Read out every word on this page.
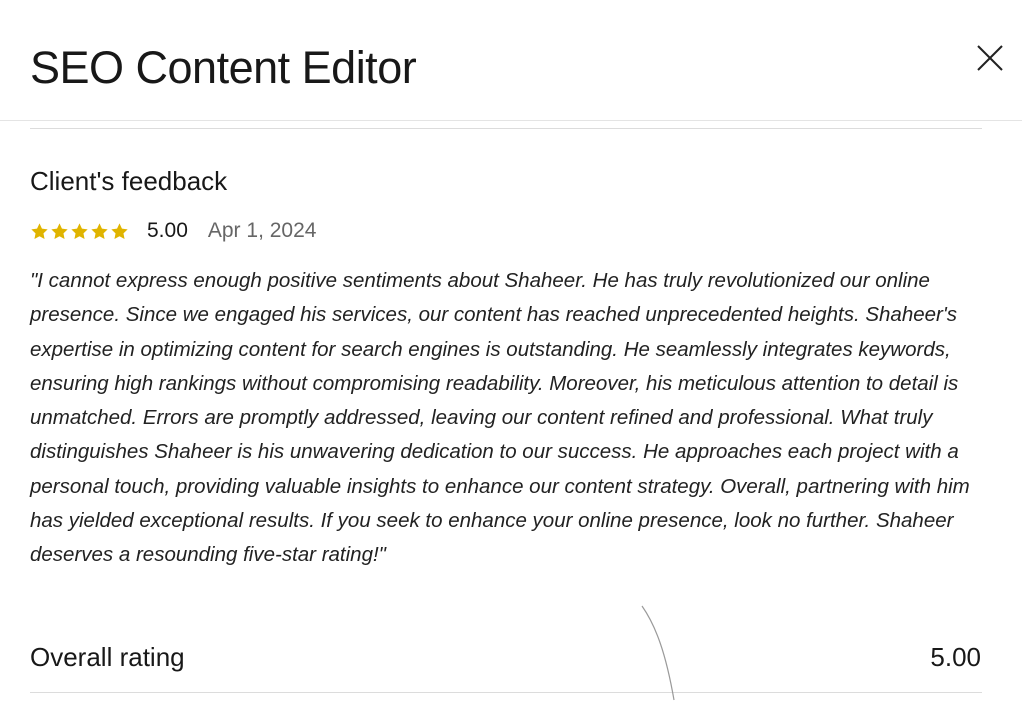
SEO Content Editor
Client's feedback
5.00 Apr 1, 2024

"I cannot express enough positive sentiments about Shaheer. He has truly revolutionized our online presence. Since we engaged his services, our content has reached unprecedented heights. Shaheer's expertise in optimizing content for search engines is outstanding. He seamlessly integrates keywords, ensuring high rankings without compromising readability. Moreover, his meticulous attention to detail is unmatched. Errors are promptly addressed, leaving our content refined and professional. What truly distinguishes Shaheer is his unwavering dedication to our success. He approaches each project with a personal touch, providing valuable insights to enhance our content strategy. Overall, partnering with him has yielded exceptional results. If you seek to enhance your online presence, look no further. Shaheer deserves a resounding five-star rating!"

Overall rating	5.00
